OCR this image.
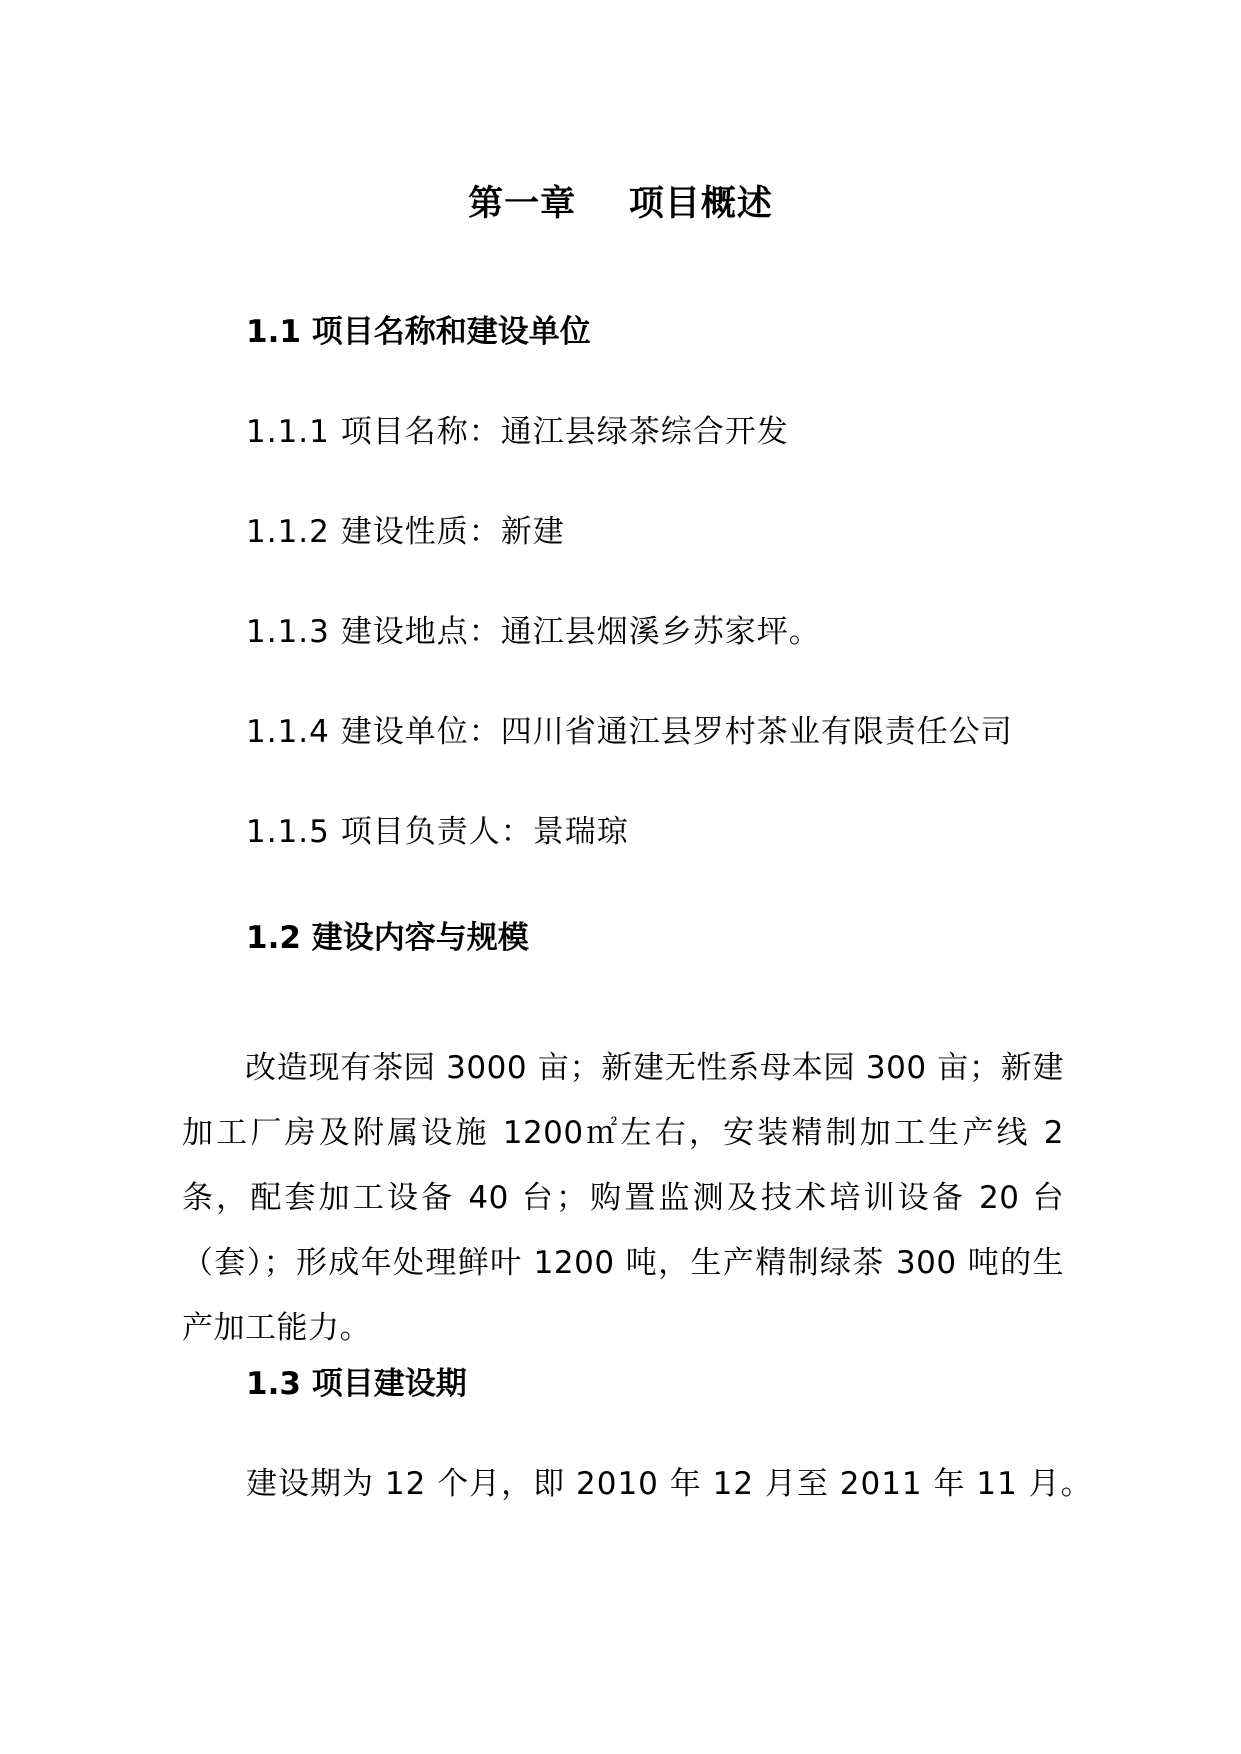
第一章    项目概述
1.1 项目名称和建设单位
1.1.1 项目名称：通江县绿茶综合开发
1.1.2 建设性质：新建
1.1.3 建设地点：通江县烟溪乡苏家坪。
1.1.4 建设单位：四川省通江县罗村茶业有限责任公司
1.1.5 项目负责人：景瑞琼
1.2 建设内容与规模
改造现有茶园 3000 亩；新建无性系母本园 300 亩；新建加工厂房及附属设施 1200㎡左右，安装精制加工生产线 2 条，配套加工设备 40 台；购置监测及技术培训设备 20 台（套）；形成年处理鲜叶 1200 吨，生产精制绿茶 300 吨的生产加工能力。
1.3 项目建设期
建设期为 12 个月，即 2010 年 12 月至 2011 年 11 月。
